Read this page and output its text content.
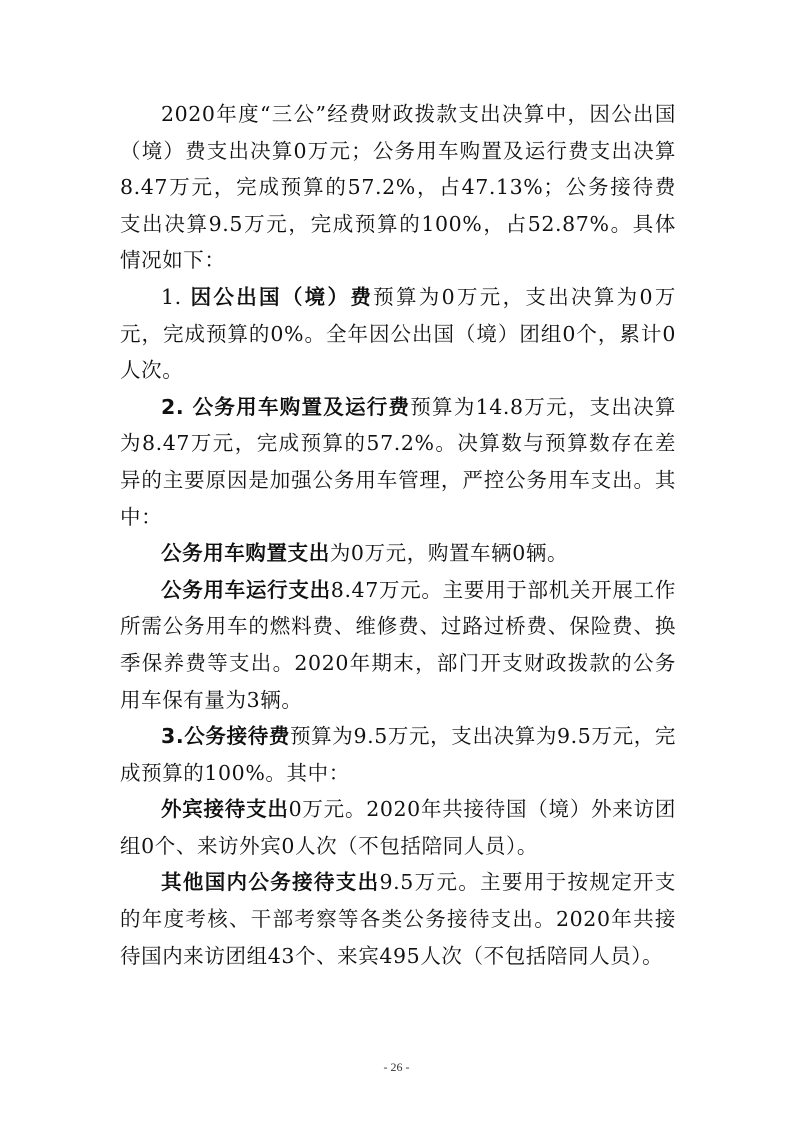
2020年度“三公”经费财政拨款支出决算中，因公出国（境）费支出决算0万元；公务用车购置及运行费支出决算8.47万元，完成预算的57.2%，占47.13%；公务接待费支出决算9.5万元，完成预算的100%，占52.87%。具体情况如下：

1. 因公出国（境）费预算为0万元，支出决算为0万元，完成预算的0%。全年因公出国（境）团组0个，累计0人次。

2. 公务用车购置及运行费预算为14.8万元，支出决算为8.47万元，完成预算的57.2%。决算数与预算数存在差异的主要原因是加强公务用车管理，严控公务用车支出。其中：

公务用车购置支出为0万元，购置车辆0辆。

公务用车运行支出8.47万元。主要用于部机关开展工作所需公务用车的燃料费、维修费、过路过桥费、保险费、换季保养费等支出。2020年期末，部门开支财政拨款的公务用车保有量为3辆。

3.公务接待费预算为9.5万元，支出决算为9.5万元，完成预算的100%。其中：

外宾接待支出0万元。2020年共接待国（境）外来访团组0个、来访外宾0人次（不包括陪同人员）。

其他国内公务接待支出9.5万元。主要用于按规定开支的年度考核、干部考察等各类公务接待支出。2020年共接待国内来访团组43个、来宾495人次（不包括陪同人员）。

- 26 -
